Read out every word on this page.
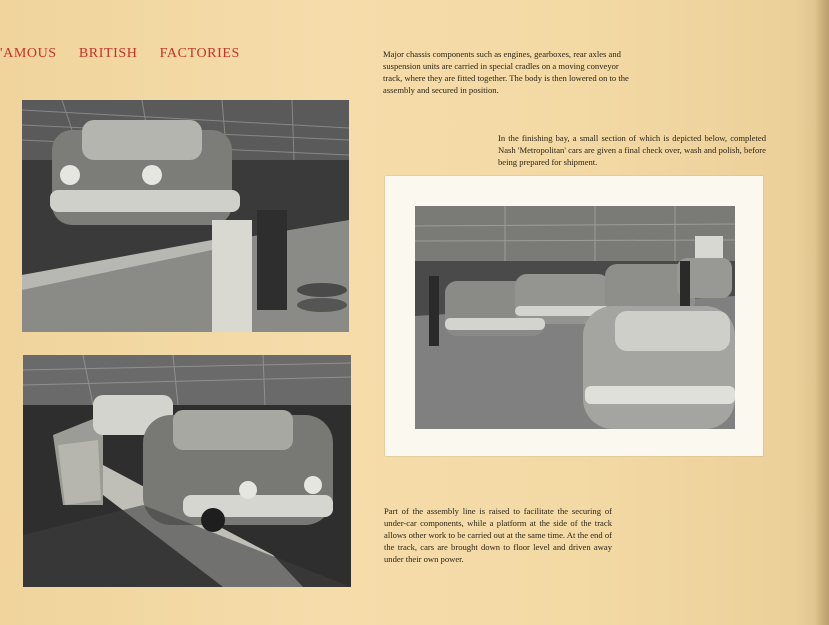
'AMOUS BRITISH FACTORIES	Major chassis components such as engines, gearboxes, rear axles and suspension units are carried in special cradles on a moving conveyor track, where they are fitted together. The body is then lowered on to the assembly and secured in position.
In the finishing bay, a small section of which is depicted below, completed Nash 'Metropolitan' cars are given a final check over, wash and polish, before being prepared for shipment.
Part of the assembly line is raised to facilitate the securing of under-car components, while a platform at the side of the track allows other work to be carried out at the same time. At the end of the track, cars are brought down to floor level and driven away under their own power.
